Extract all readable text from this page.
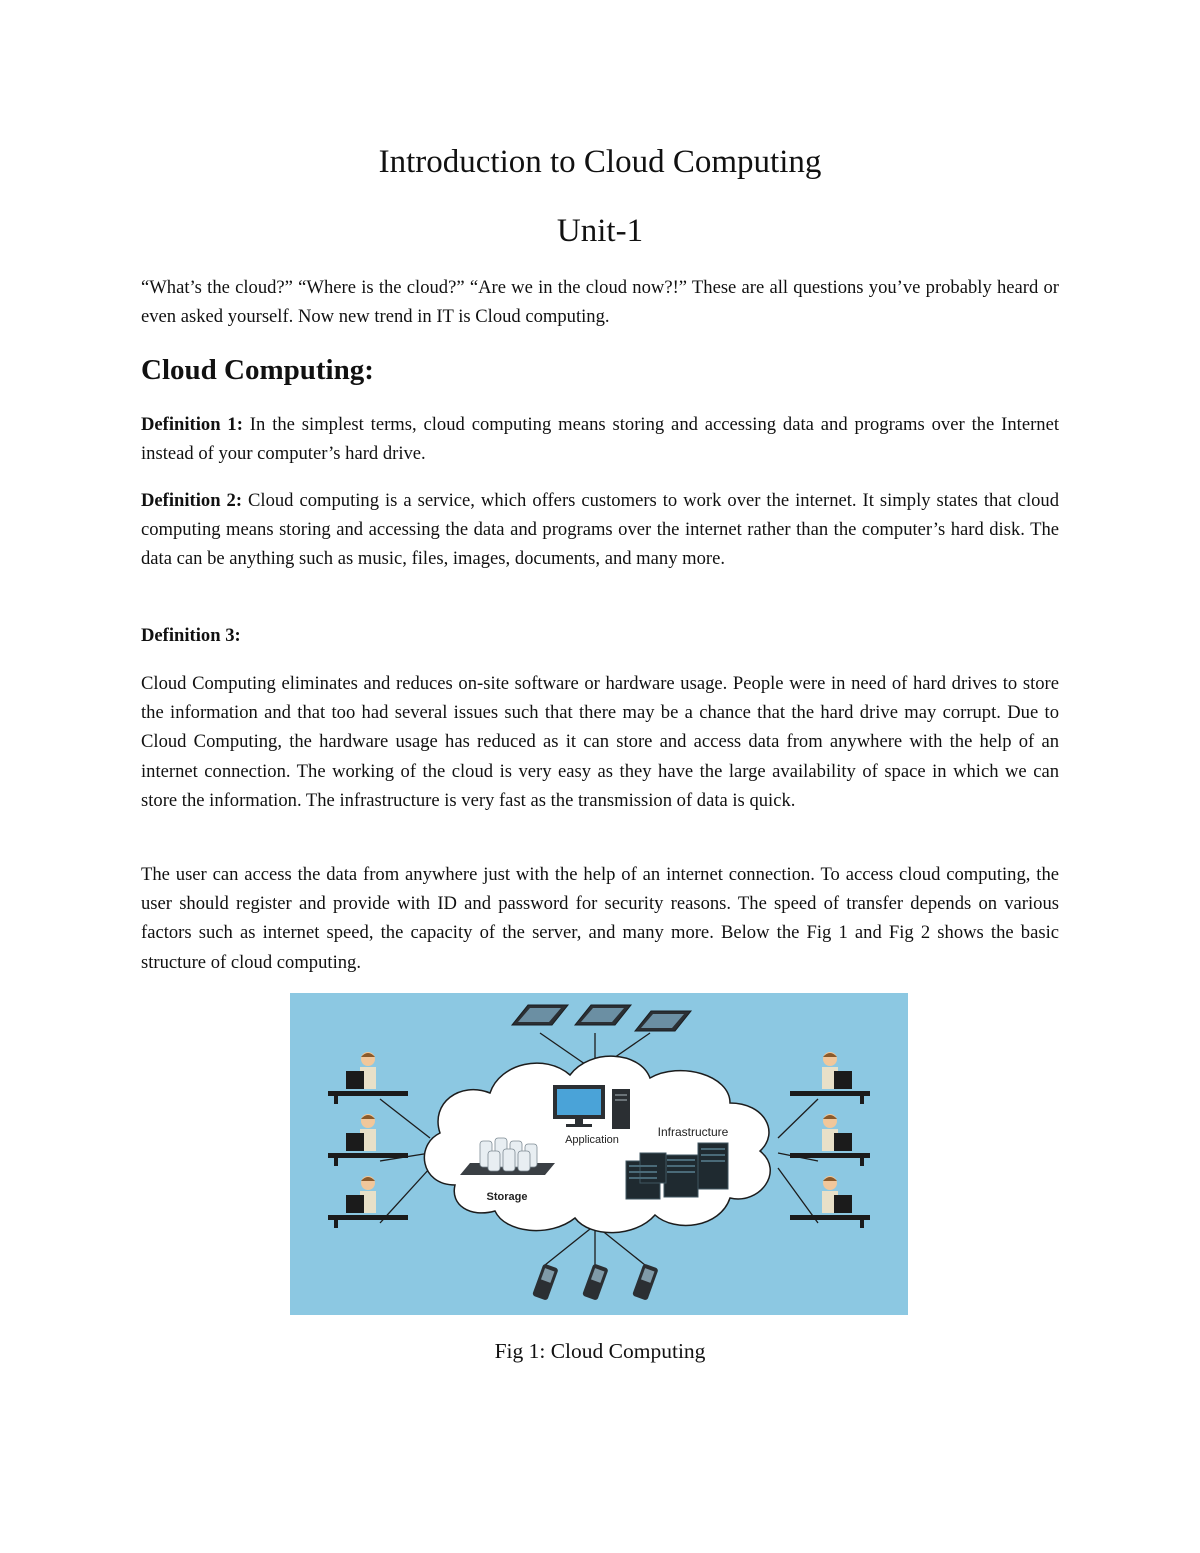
Introduction to Cloud Computing
Unit-1

“What’s the cloud?” “Where is the cloud?” “Are we in the cloud now?!” These are all questions you’ve probably heard or even asked yourself. Now new trend in IT is Cloud computing.

Cloud Computing:

Definition 1: In the simplest terms, cloud computing means storing and accessing data and programs over the Internet instead of your computer’s hard drive.

Definition 2: Cloud computing is a service, which offers customers to work over the internet. It simply states that cloud computing means storing and accessing the data and programs over the internet rather than the computer’s hard disk. The data can be anything such as music, files, images, documents, and many more.

Definition 3:

Cloud Computing eliminates and reduces on-site software or hardware usage. People were in need of hard drives to store the information and that too had several issues such that there may be a chance that the hard drive may corrupt. Due to Cloud Computing, the hardware usage has reduced as it can store and access data from anywhere with the help of an internet connection. The working of the cloud is very easy as they have the large availability of space in which we can store the information. The infrastructure is very fast as the transmission of data is quick.

The user can access the data from anywhere just with the help of an internet connection. To access cloud computing, the user should register and provide with ID and password for security reasons. The speed of transfer depends on various factors such as internet speed, the capacity of the server, and many more. Below the Fig 1 and Fig 2 shows the basic structure of cloud computing.

Application
Infrastructure
Storage
Fig 1: Cloud Computing
